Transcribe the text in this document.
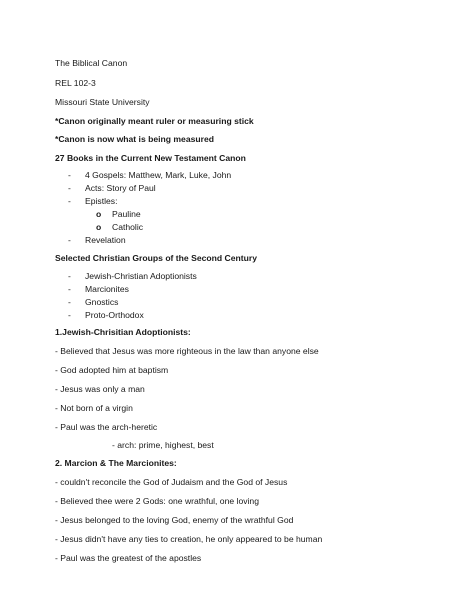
The Biblical Canon
REL 102-3
Missouri State University
*Canon originally meant ruler or measuring stick
*Canon is now what is being measured
27 Books in the Current New Testament Canon
- 4 Gospels: Matthew, Mark, Luke, John
- Acts: Story of Paul
- Epistles:
o Pauline
o Catholic
- Revelation
Selected Christian Groups of the Second Century
- Jewish-Christian Adoptionists
- Marcionites
- Gnostics
- Proto-Orthodox
1.Jewish-Chrisitian Adoptionists:
- Believed that Jesus was more righteous in the law than anyone else
- God adopted him at baptism
- Jesus was only a man
- Not born of a virgin
- Paul was the arch-heretic
- arch: prime, highest, best
2. Marcion & The Marcionites:
- couldn't reconcile the God of Judaism and the God of Jesus
- Believed thee were 2 Gods: one wrathful, one loving
- Jesus belonged to the loving God, enemy of the wrathful God
- Jesus didn't have any ties to creation, he only appeared to be human
- Paul was the greatest of the apostles
